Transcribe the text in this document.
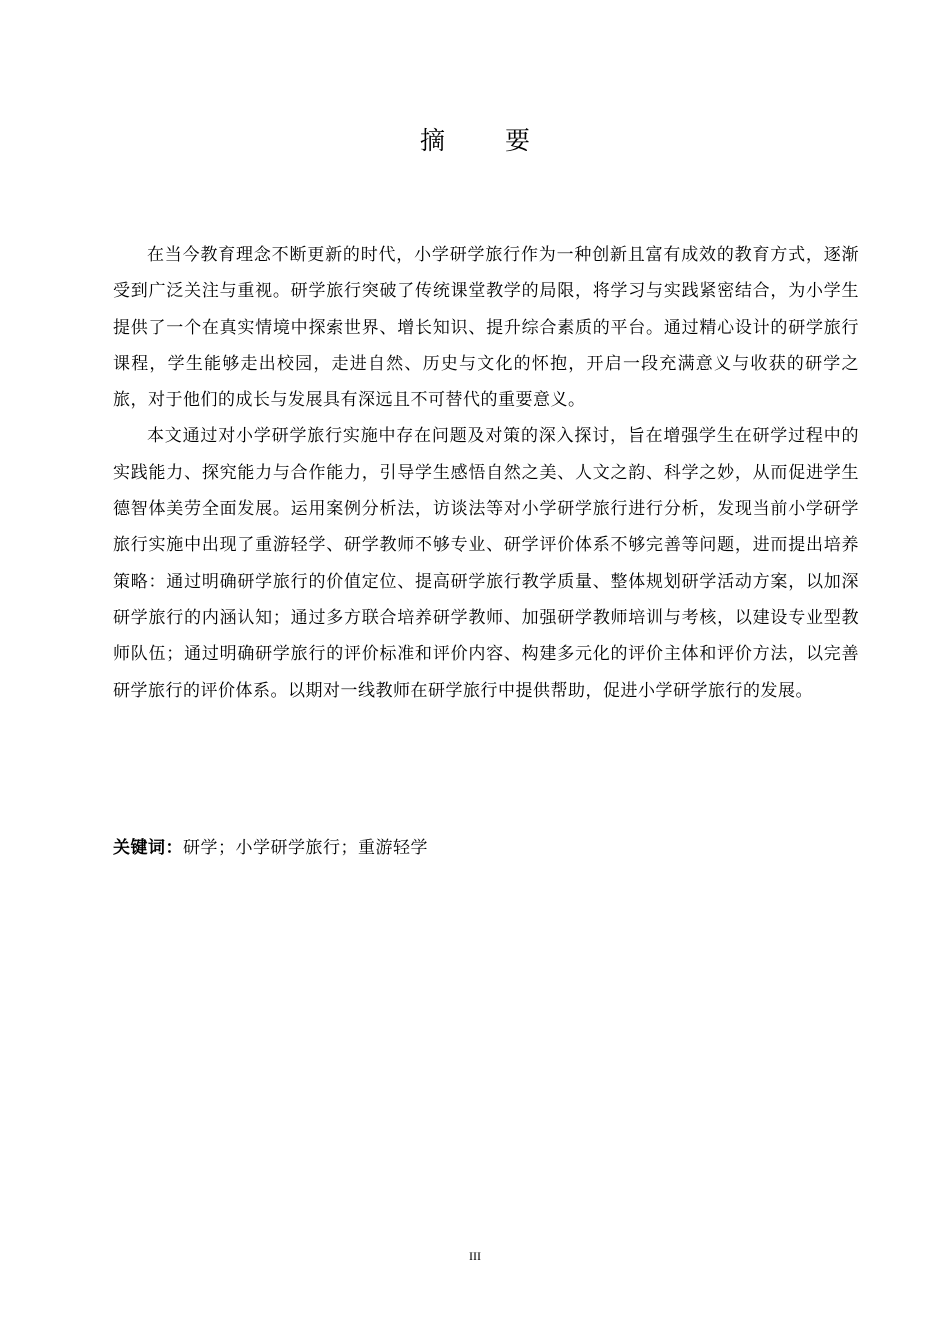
摘 要

在当今教育理念不断更新的时代，小学研学旅行作为一种创新且富有成效的教育方式，逐渐受到广泛关注与重视。研学旅行突破了传统课堂教学的局限，将学习与实践紧密结合，为小学生提供了一个在真实情境中探索世界、增长知识、提升综合素质的平台。通过精心设计的研学旅行课程，学生能够走出校园，走进自然、历史与文化的怀抱，开启一段充满意义与收获的研学之旅，对于他们的成长与发展具有深远且不可替代的重要意义。

本文通过对小学研学旅行实施中存在问题及对策的深入探讨，旨在增强学生在研学过程中的实践能力、探究能力与合作能力，引导学生感悟自然之美、人文之韵、科学之妙，从而促进学生德智体美劳全面发展。运用案例分析法，访谈法等对小学研学旅行进行分析，发现当前小学研学旅行实施中出现了重游轻学、研学教师不够专业、研学评价体系不够完善等问题，进而提出培养策略：通过明确研学旅行的价值定位、提高研学旅行教学质量、整体规划研学活动方案，以加深研学旅行的内涵认知；通过多方联合培养研学教师、加强研学教师培训与考核，以建设专业型教师队伍；通过明确研学旅行的评价标准和评价内容、构建多元化的评价主体和评价方法，以完善研学旅行的评价体系。以期对一线教师在研学旅行中提供帮助，促进小学研学旅行的发展。

关键词：研学；小学研学旅行；重游轻学

III
